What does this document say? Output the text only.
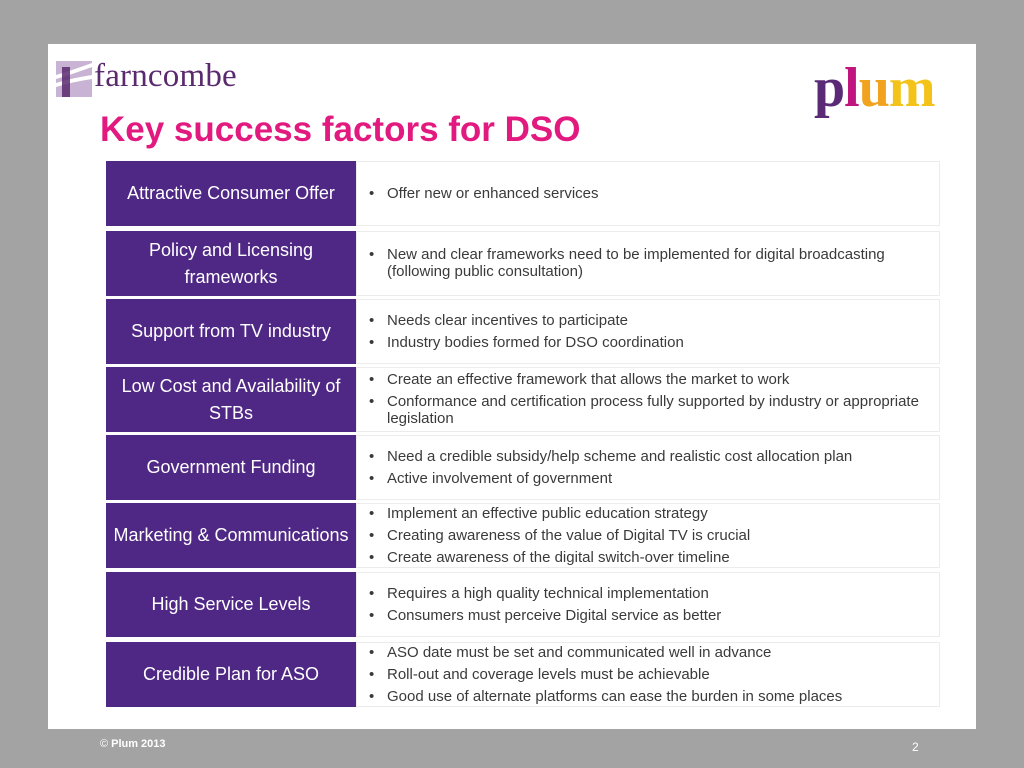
farncombe	plum
Key success factors for DSO
Attractive Consumer Offer
•	Offer new or enhanced services
Policy and Licensing frameworks
• New and clear frameworks need to be implemented for digital broadcasting (following public consultation)
Support from TV industry
• Needs clear incentives to participate
• Industry bodies formed for DSO coordination
Low Cost and Availability of STBs
• Create an effective framework that allows the market to work
• Conformance and certification process fully supported by industry or appropriate legislation
Government Funding
• Need a credible subsidy/help scheme and realistic cost allocation plan
• Active involvement of government
Marketing & Communications
• Implement an effective public education strategy
• Creating awareness of the value of Digital TV is crucial
• Create awareness of the digital switch-over timeline
High Service Levels
• Requires a high quality technical implementation
• Consumers must perceive Digital service as better
Credible Plan for ASO
• ASO date must be set and communicated well in advance
• Roll-out and coverage levels must be achievable
• Good use of alternate platforms can ease the burden in some places
© Plum 2013	2
